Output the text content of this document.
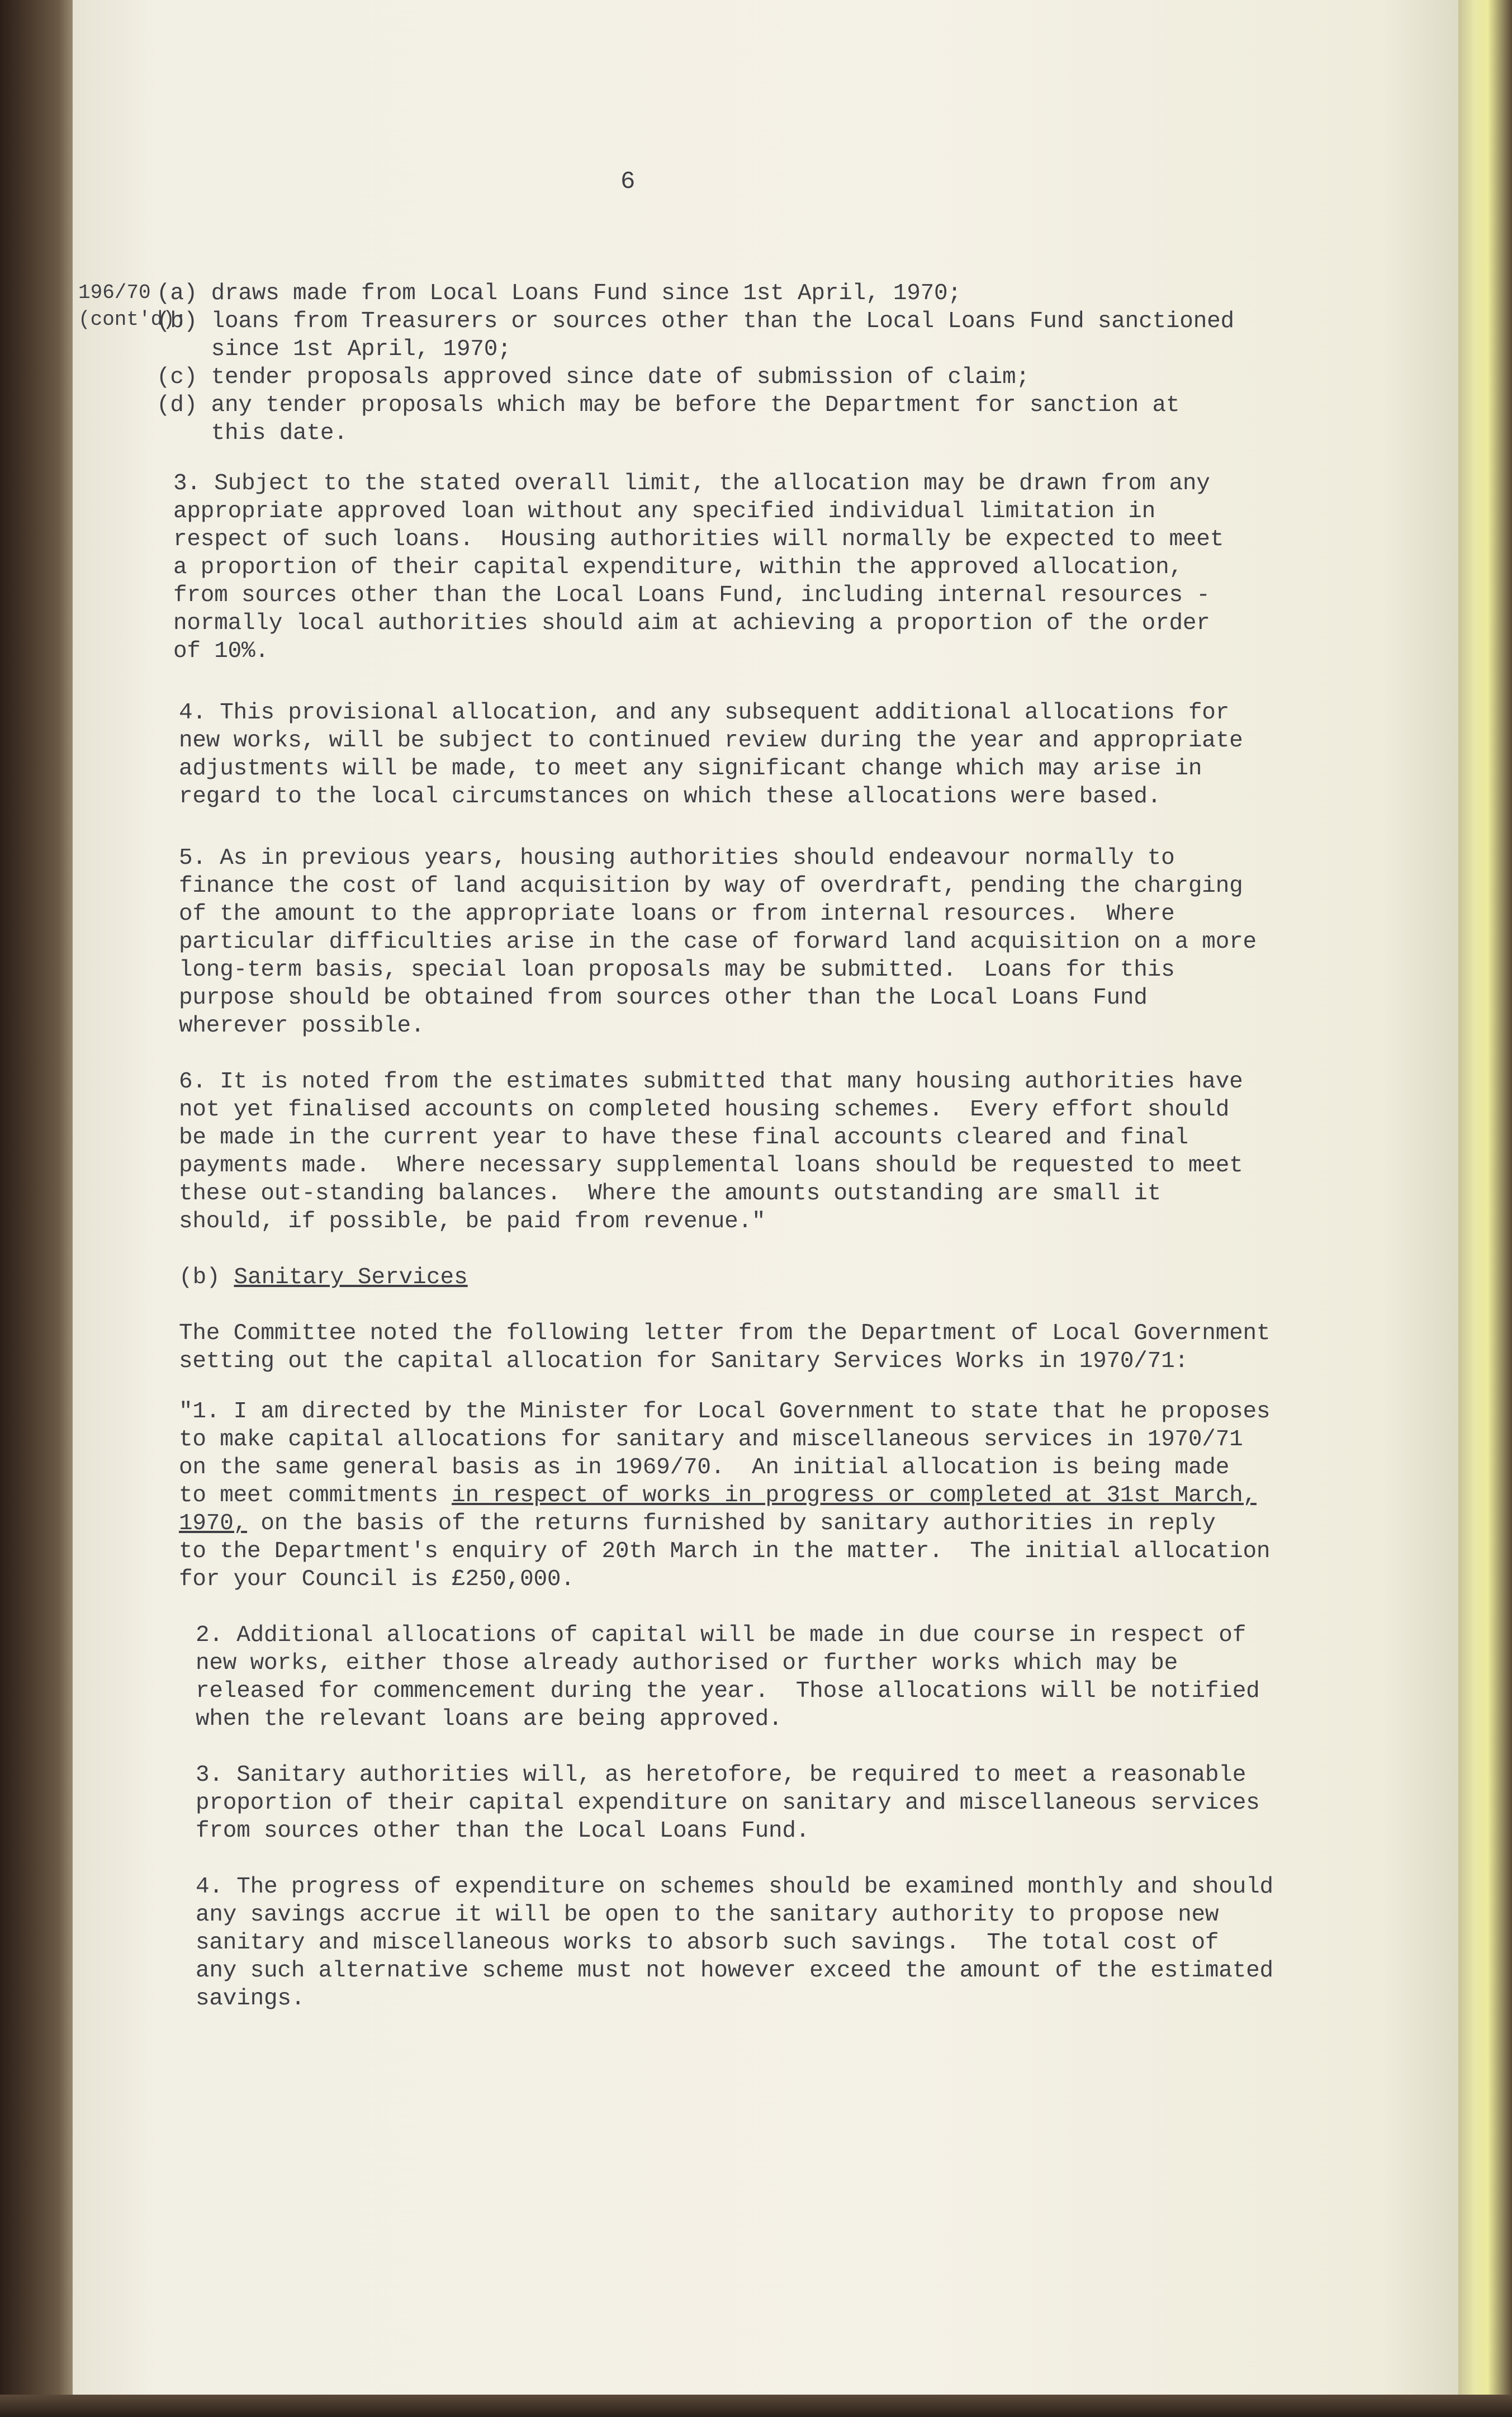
6

196/70

(cont'd):

(a) draws made from Local Loans Fund since 1st April, 1970;

(b) loans from Treasurers or sources other than the Local Loans Fund sanctioned

since 1st April, 1970;

(c) tender proposals approved since date of submission of claim;

(d) any tender proposals which may be before the Department for sanction at

this date.

3. Subject to the stated overall limit, the allocation may be drawn from any

appropriate approved loan without any specified individual limitation in

respect of such loans.  Housing authorities will normally be expected to meet

a proportion of their capital expenditure, within the approved allocation,

from sources other than the Local Loans Fund, including internal resources -

normally local authorities should aim at achieving a proportion of the order

of 10%.

4. This provisional allocation, and any subsequent additional allocations for

new works, will be subject to continued review during the year and appropriate

adjustments will be made, to meet any significant change which may arise in

regard to the local circumstances on which these allocations were based.

5. As in previous years, housing authorities should endeavour normally to

finance the cost of land acquisition by way of overdraft, pending the charging

of the amount to the appropriate loans or from internal resources.  Where

particular difficulties arise in the case of forward land acquisition on a more

long-term basis, special loan proposals may be submitted.  Loans for this

purpose should be obtained from sources other than the Local Loans Fund

wherever possible.

6. It is noted from the estimates submitted that many housing authorities have

not yet finalised accounts on completed housing schemes.  Every effort should

be made in the current year to have these final accounts cleared and final

payments made.  Where necessary supplemental loans should be requested to meet

these out-standing balances.  Where the amounts outstanding are small it

should, if possible, be paid from revenue."

(b) Sanitary Services

The Committee noted the following letter from the Department of Local Government

setting out the capital allocation for Sanitary Services Works in 1970/71:

"1. I am directed by the Minister for Local Government to state that he proposes

to make capital allocations for sanitary and miscellaneous services in 1970/71

on the same general basis as in 1969/70.  An initial allocation is being made

to meet commitments in respect of works in progress or completed at 31st March,

1970, on the basis of the returns furnished by sanitary authorities in reply

to the Department's enquiry of 20th March in the matter.  The initial allocation

for your Council is £250,000.

2. Additional allocations of capital will be made in due course in respect of

new works, either those already authorised or further works which may be

released for commencement during the year.  Those allocations will be notified

when the relevant loans are being approved.

3. Sanitary authorities will, as heretofore, be required to meet a reasonable

proportion of their capital expenditure on sanitary and miscellaneous services

from sources other than the Local Loans Fund.

4. The progress of expenditure on schemes should be examined monthly and should

any savings accrue it will be open to the sanitary authority to propose new

sanitary and miscellaneous works to absorb such savings.  The total cost of

any such alternative scheme must not however exceed the amount of the estimated

savings.
